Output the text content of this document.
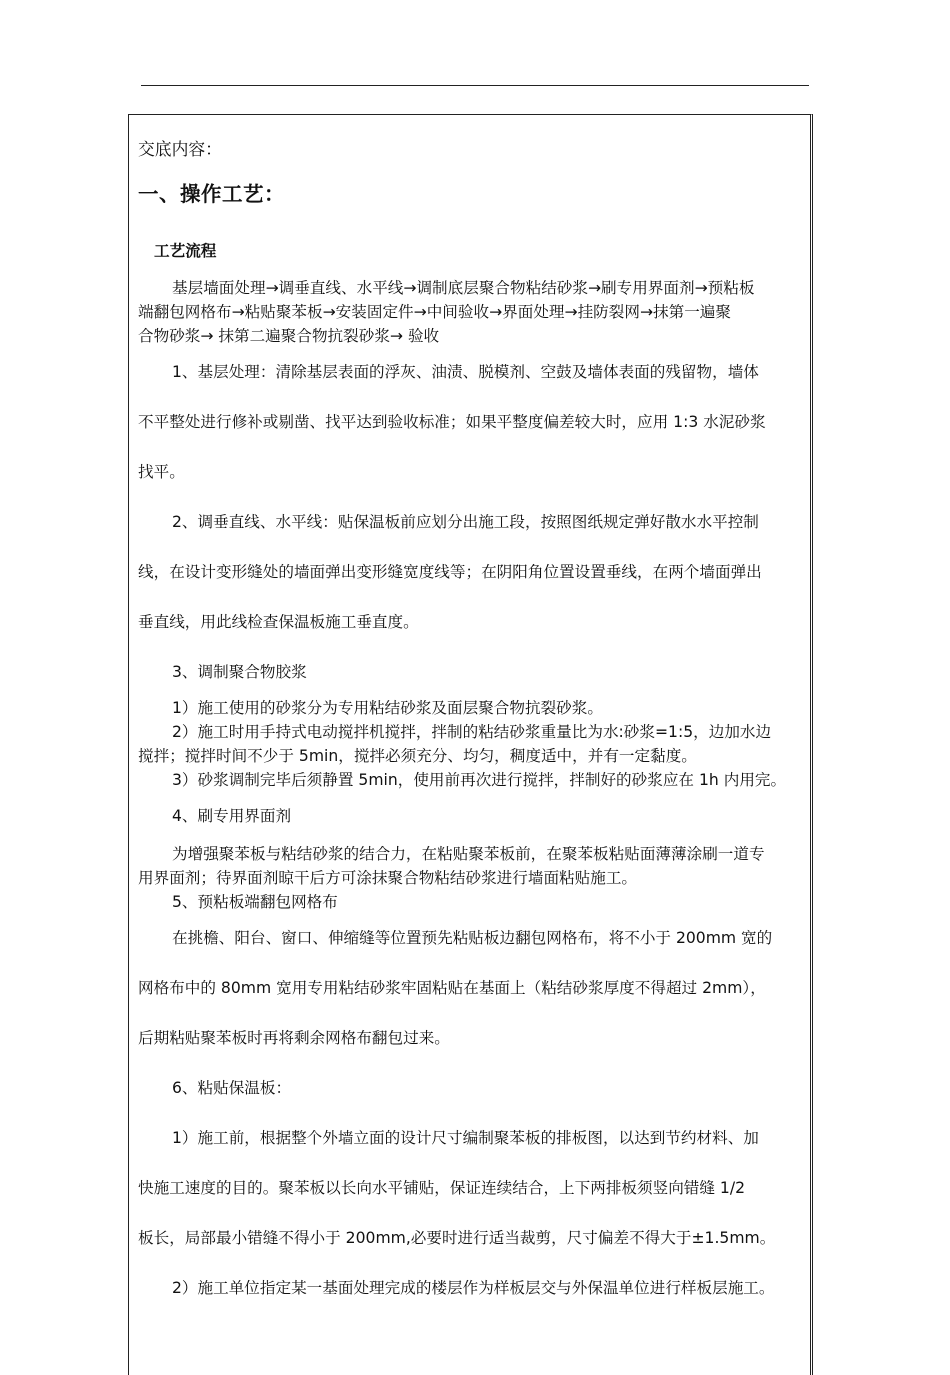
交底内容：
一、操作工艺：
工艺流程
基层墙面处理→调垂直线、水平线→调制底层聚合物粘结砂浆→刷专用界面剂→预粘板
端翻包网格布→粘贴聚苯板→安装固定件→中间验收→界面处理→挂防裂网→抹第一遍聚
合物砂浆→ 抹第二遍聚合物抗裂砂浆→ 验收
1、基层处理：清除基层表面的浮灰、油渍、脱模剂、空鼓及墙体表面的残留物，墙体
不平整处进行修补或剔凿、找平达到验收标准；如果平整度偏差较大时，应用 1:3 水泥砂浆
找平。
2、调垂直线、水平线：贴保温板前应划分出施工段，按照图纸规定弹好散水水平控制
线，在设计变形缝处的墙面弹出变形缝宽度线等；在阴阳角位置设置垂线，在两个墙面弹出
垂直线，用此线检查保温板施工垂直度。
3、调制聚合物胶浆
1）施工使用的砂浆分为专用粘结砂浆及面层聚合物抗裂砂浆。
2）施工时用手持式电动搅拌机搅拌，拌制的粘结砂浆重量比为水:砂浆=1:5，边加水边
搅拌；搅拌时间不少于 5min，搅拌必须充分、均匀，稠度适中，并有一定黏度。
3）砂浆调制完毕后须静置 5min，使用前再次进行搅拌，拌制好的砂浆应在 1h 内用完。
4、刷专用界面剂
为增强聚苯板与粘结砂浆的结合力，在粘贴聚苯板前，在聚苯板粘贴面薄薄涂刷一道专
用界面剂；待界面剂晾干后方可涂抹聚合物粘结砂浆进行墙面粘贴施工。
5、预粘板端翻包网格布
在挑檐、阳台、窗口、伸缩缝等位置预先粘贴板边翻包网格布，将不小于 200mm 宽的
网格布中的 80mm 宽用专用粘结砂浆牢固粘贴在基面上（粘结砂浆厚度不得超过 2mm），
后期粘贴聚苯板时再将剩余网格布翻包过来。
6、粘贴保温板：
1）施工前，根据整个外墙立面的设计尺寸编制聚苯板的排板图，以达到节约材料、加
快施工速度的目的。聚苯板以长向水平铺贴，保证连续结合，上下两排板须竖向错缝 1/2
板长，局部最小错缝不得小于 200mm,必要时进行适当裁剪，尺寸偏差不得大于±1.5mm。
2）施工单位指定某一基面处理完成的楼层作为样板层交与外保温单位进行样板层施工。
